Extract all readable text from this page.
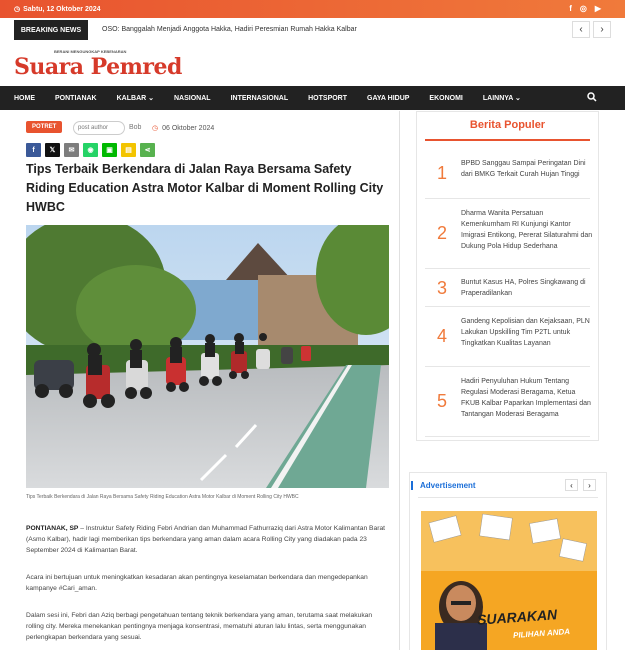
◷ Sabtu, 12 Oktober 2024	f ◎ ▶
BREAKING NEWS	OSO: Banggalah Menjadi Anggota Hakka, Hadiri Peresmian Rumah Hakka Kalbar	‹	›
BERANI MENGUNGKAP KEBENARAN
Suara Pemred
HOME	PONTIANAK	KALBAR ⌄	NASIONAL	INTERNASIONAL	HOTSPORT	GAYA HIDUP	EKONOMI	LAINNYA ⌄
POTRET	post author	Bob ◷ 06 Oktober 2024
f	𝕏	✉	◉	▣	▤	⋖
Tips Terbaik Berkendara di Jalan Raya Bersama Safety Riding Education Astra Motor Kalbar di Moment Rolling City HWBC
Tips Terbaik Berkendara di Jalan Raya Bersama Safety Riding Education Astra Motor Kalbar di Moment Rolling City HWBC

PONTIANAK, SP – Instruktur Safety Riding Febri Andrian dan Muhammad Fathurraziq dari Astra Motor Kalimantan Barat (Asmo Kalbar), hadir lagi memberikan tips berkendara yang aman dalam acara Rolling City yang diadakan pada 23 September 2024 di Kalimantan Barat.

Acara ini bertujuan untuk meningkatkan kesadaran akan pentingnya keselamatan berkendara dan mengedepankan kampanye #Cari_aman.

Dalam sesi ini, Febri dan Aziq berbagi pengetahuan tentang teknik berkendara yang aman, terutama saat melakukan rolling city. Mereka menekankan pentingnya menjaga konsentrasi, mematuhi aturan lalu lintas, serta menggunakan perlengkapan berkendara yang sesuai.

Berita Populer
1 BPBD Sanggau Sampai Peringatan Dini dari BMKG Terkait Curah Hujan Tinggi
2
Dharma Wanita Persatuan Kemenkumham RI Kunjungi Kantor Imigrasi Entikong, Pererat Silaturahmi dan Dukung Pola Hidup Sederhana
3 Buntut Kasus HA, Polres Singkawang di Praperadilankan
4
Gandeng Kepolisian dan Kejaksaan, PLN Lakukan Upskilling Tim P2TL untuk Tingkatkan Kualitas Layanan
5
Hadiri Penyuluhan Hukum Tentang Regulasi Moderasi Beragama, Ketua FKUB Kalbar Paparkan Implementasi dan Tantangan Moderasi Beragama
Advertisement	‹	›
SUARAKAN
PILIHAN ANDA
